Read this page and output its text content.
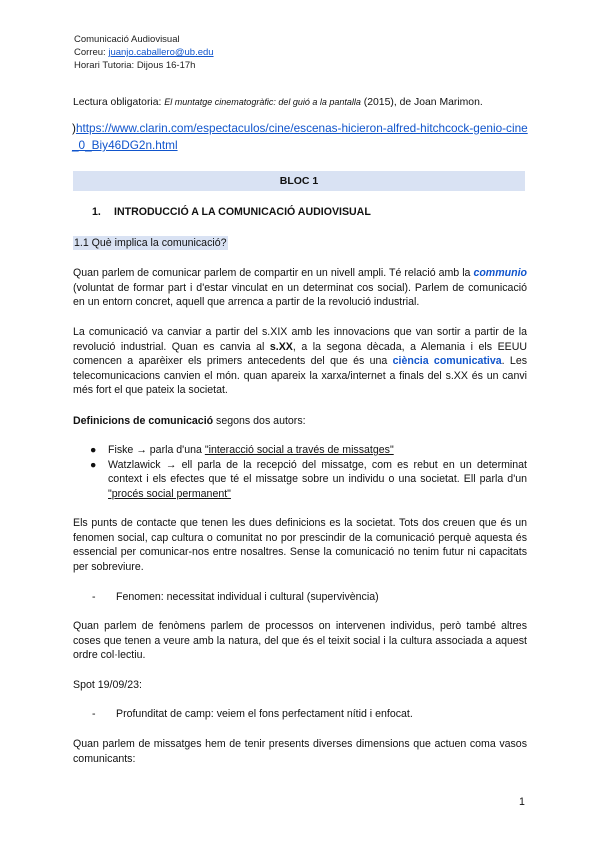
Comunicació Audiovisual
Correu: juanjo.caballero@ub.edu
Horari Tutoria: Dijous 16-17h
Lectura obligatoria: El muntatge cinematogràfic: del guió a la pantalla (2015), de Joan Marimon.
)https://www.clarin.com/espectaculos/cine/escenas-hicieron-alfred-hitchcock-genio-cine_0_Biy46DG2n.html
BLOC 1
1. INTRODUCCIÓ A LA COMUNICACIÓ AUDIOVISUAL
1.1 Què implica la comunicació?
Quan parlem de comunicar parlem de compartir en un nivell ampli. Té relació amb la communio (voluntat de formar part i d'estar vinculat en un determinat cos social). Parlem de comunicació en un entorn concret, aquell que arrenca a partir de la revolució industrial.
La comunicació va canviar a partir del s.XIX amb les innovacions que van sortir a partir de la revolució industrial. Quan es canvia al s.XX, a la segona dècada, a Alemania i els EEUU comencen a aparèixer els primers antecedents del que és una ciència comunicativa. Les telecomunicacions canvien el món. quan apareix la xarxa/internet a finals del s.XX és un canvi més fort el que pateix la societat.
Definicions de comunicació segons dos autors:
● Fiske → parla d'una "interacció social a través de missatges"
● Watzlawick → ell parla de la recepció del missatge, com es rebut en un determinat context i els efectes que té el missatge sobre un individu o una societat. Ell parla d'un "procés social permanent"
Els punts de contacte que tenen les dues definicions es la societat. Tots dos creuen que és un fenomen social, cap cultura o comunitat no por prescindir de la comunicació perquè aquesta és essencial per comunicar-nos entre nosaltres. Sense la comunicació no tenim futur ni capacitats per sobreviure.
- Fenomen: necessitat individual i cultural (supervivència)
Quan parlem de fenòmens parlem de processos on intervenen individus, però també altres coses que tenen a veure amb la natura, del que és el teixit social i la cultura associada a aquest ordre col·lectiu.
Spot 19/09/23:
- Profunditat de camp: veiem el fons perfectament nítid i enfocat.
Quan parlem de missatges hem de tenir presents diverses dimensions que actuen coma vasos comunicants:
1
